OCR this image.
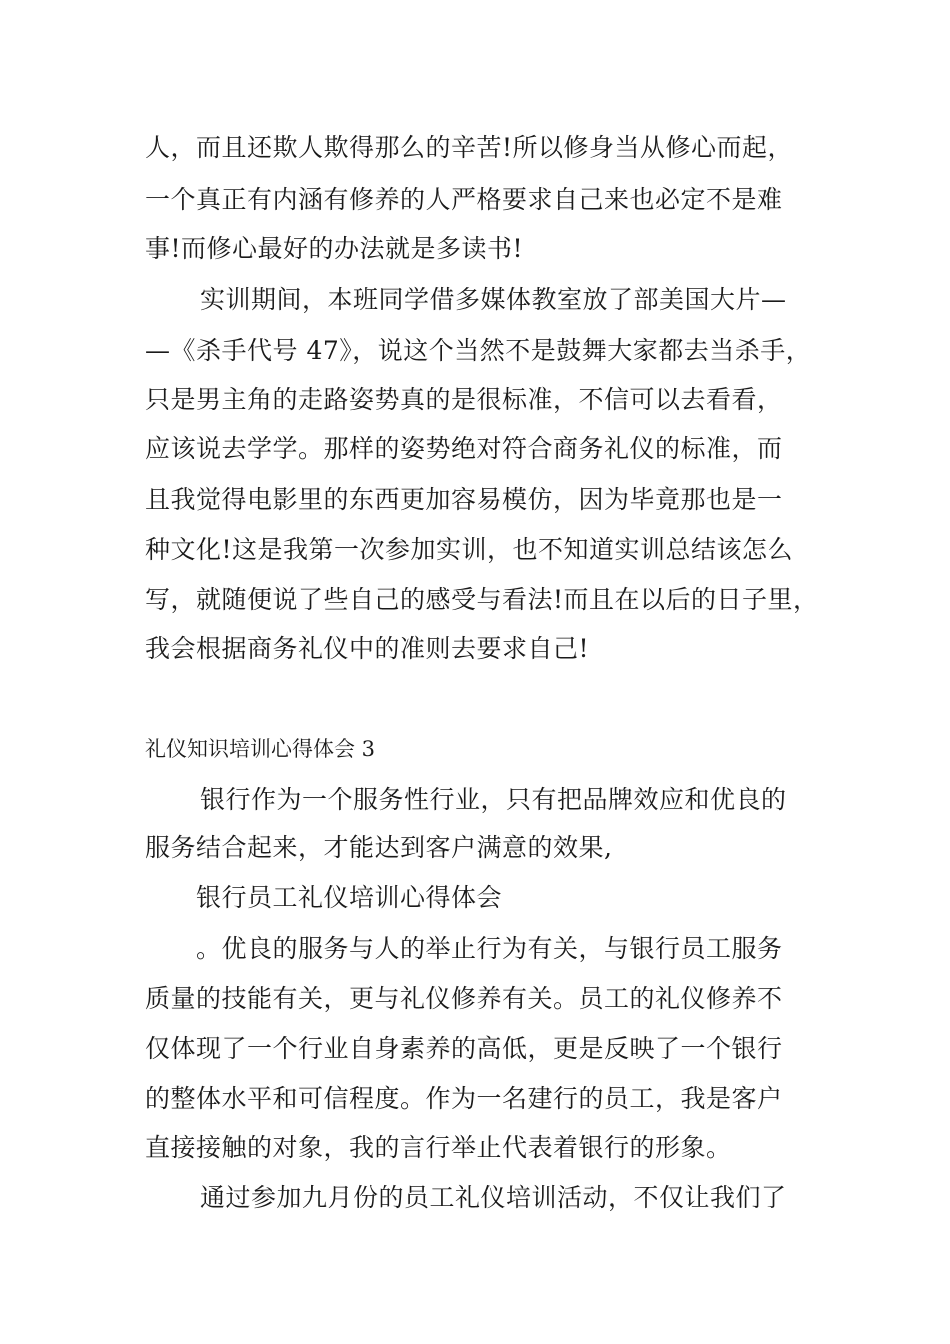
人，而且还欺人欺得那么的辛苦!所以修身当从修心而起，
一个真正有内涵有修养的人严格要求自己来也必定不是难
事!而修心最好的办法就是多读书!
实训期间，本班同学借多媒体教室放了部美国大片—
—《杀手代号 47》，说这个当然不是鼓舞大家都去当杀手，
只是男主角的走路姿势真的是很标准，不信可以去看看，
应该说去学学。那样的姿势绝对符合商务礼仪的标准，而
且我觉得电影里的东西更加容易模仿，因为毕竟那也是一
种文化!这是我第一次参加实训，也不知道实训总结该怎么
写，就随便说了些自己的感受与看法!而且在以后的日子里，
我会根据商务礼仪中的准则去要求自己!
礼仪知识培训心得体会 3
银行作为一个服务性行业，只有把品牌效应和优良的
服务结合起来，才能达到客户满意的效果,
银行员工礼仪培训心得体会
。优良的服务与人的举止行为有关，与银行员工服务
质量的技能有关，更与礼仪修养有关。员工的礼仪修养不
仅体现了一个行业自身素养的高低，更是反映了一个银行
的整体水平和可信程度。作为一名建行的员工，我是客户
直接接触的对象，我的言行举止代表着银行的形象。
通过参加九月份的员工礼仪培训活动，不仅让我们了
